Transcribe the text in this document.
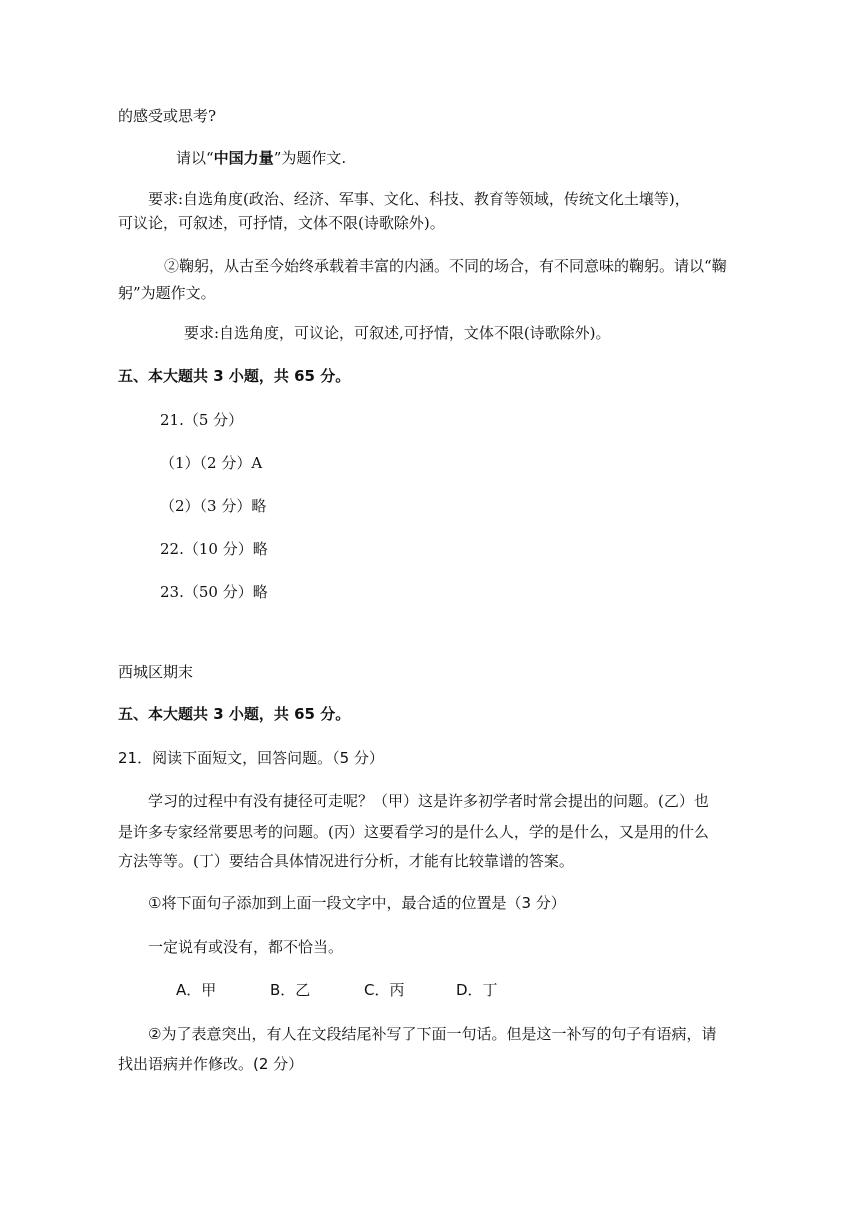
的感受或思考?
请以“中国力量”为题作文.
要求:自选角度(政治、经济、军事、文化、科技、教育等领域，传统文化土壤等)，
可议论，可叙述，可抒情，文体不限(诗歌除外)。
②鞠躬，从古至今始终承载着丰富的内涵。不同的场合，有不同意味的鞠躬。请以“鞠
躬”为题作文。
要求:自选角度，可议论，可叙述,可抒情，文体不限(诗歌除外)。
五、本大题共 3 小题，共 65 分。
21.（5 分）
（1）（2 分）A
（2）（3 分）略
22.（10 分）略
23.（50 分）略
西城区期末
五、本大题共 3 小题，共 65 分。
21．阅读下面短文，回答问题。（5 分）
学习的过程中有没有捷径可走呢？（甲）这是许多初学者时常会提出的问题。(乙）也
是许多专家经常要思考的问题。(丙）这要看学习的是什么人，学的是什么，又是用的什么
方法等等。(丁）要结合具体情况进行分析，才能有比较靠谱的答案。
①将下面句子添加到上面一段文字中，最合适的位置是（3 分）
一定说有或没有，都不恰当。
A．甲	B．乙	C．丙	D．丁
②为了表意突出，有人在文段结尾补写了下面一句话。但是这一补写的句子有语病，请
找出语病并作修改。(2 分）
